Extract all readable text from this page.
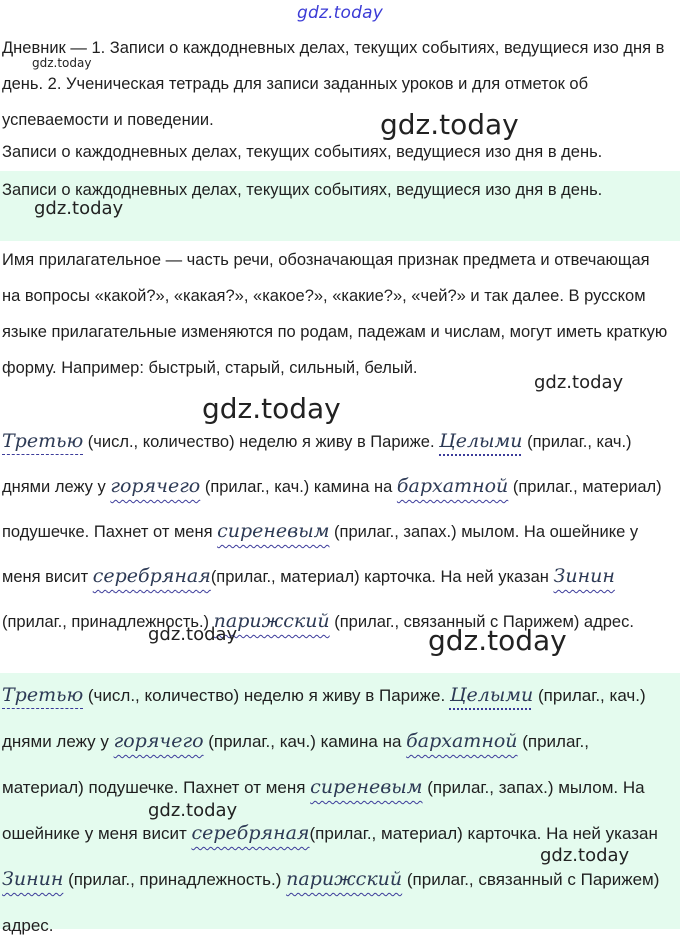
gdz.today
Дневник — 1. Записи о каждодневных делах, текущих событиях, ведущиеся изо дня в день. 2. Ученическая тетрадь для записи заданных уроков и для отметок об успеваемости и поведении.
Записи о каждодневных делах, текущих событиях, ведущиеся изо дня в день.
Записи о каждодневных делах, текущих событиях, ведущиеся изо дня в день.
Имя прилагательное — часть речи, обозначающая признак предмета и отвечающая на вопросы «какой?», «какая?», «какое?», «какие?», «чей?» и так далее. В русском языке прилагательные изменяются по родам, падежам и числам, могут иметь краткую форму. Например: быстрый, старый, сильный, белый.
Третью (числ., количество) неделю я живу в Париже. Целыми (прилаг., кач.) днями лежу у горячего (прилаг., кач.) камина на бархатной (прилаг., материал) подушечке. Пахнет от меня сиреневым (прилаг., запах.) мылом. На ошейнике у меня висит серебряная(прилаг., материал) карточка. На ней указан Зинин (прилаг., принадлежность.) парижский (прилаг., связанный с Парижем) адрес.
Третью (числ., количество) неделю я живу в Париже. Целыми (прилаг., кач.) днями лежу у горячего (прилаг., кач.) камина на бархатной (прилаг., материал) подушечке. Пахнет от меня сиреневым (прилаг., запах.) мылом. На ошейнике у меня висит серебряная(прилаг., материал) карточка. На ней указан Зинин (прилаг., принадлежность.) парижский (прилаг., связанный с Парижем) адрес.
gdz.today
gdz.today
gdz.today
gdz.today
gdz.today
gdz.today	gdz.today
gdz.today
gdz.today
